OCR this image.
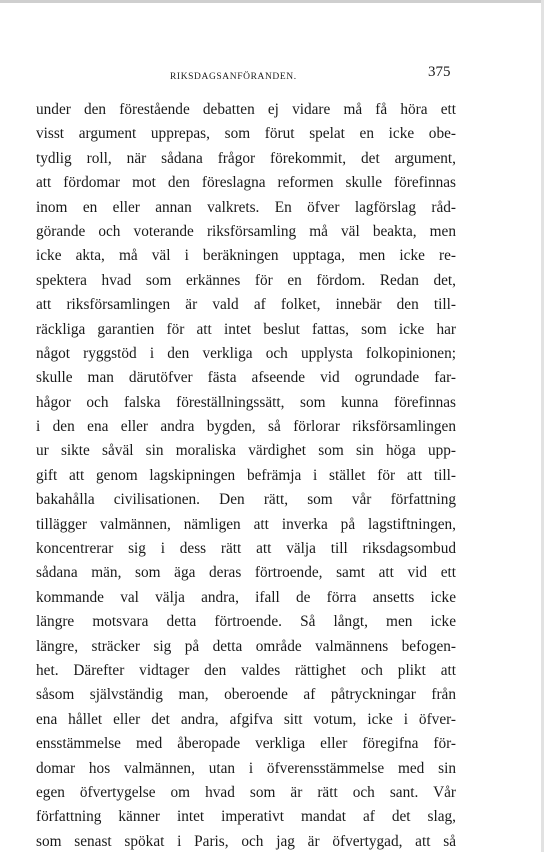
RIKSDAGSANFÖRANDEN.	375
under den förestående debatten ej vidare må få höra ett
visst argument upprepas, som förut spelat en icke obe-
tydlig roll, när sådana frågor förekommit, det argument,
att fördomar mot den föreslagna reformen skulle förefinnas
inom en eller annan valkrets. En öfver lagförslag råd-
görande och voterande riksförsamling må väl beakta, men
icke akta, må väl i beräkningen upptaga, men icke re-
spektera hvad som erkännes för en fördom. Redan det,
att riksförsamlingen är vald af folket, innebär den till-
räckliga garantien för att intet beslut fattas, som icke har
något ryggstöd i den verkliga och upplysta folkopinionen;
skulle man därutöfver fästa afseende vid ogrundade far-
hågor och falska föreställningssätt, som kunna förefinnas
i den ena eller andra bygden, så förlorar riksförsamlingen
ur sikte såväl sin moraliska värdighet som sin höga upp-
gift att genom lagskipningen befrämja i stället för att till-
bakahålla civilisationen. Den rätt, som vår författning
tillägger valmännen, nämligen att inverka på lagstiftningen,
koncentrerar sig i dess rätt att välja till riksdagsombud
sådana män, som äga deras förtroende, samt att vid ett
kommande val välja andra, ifall de förra ansetts icke
längre motsvara detta förtroende. Så långt, men icke
längre, sträcker sig på detta område valmännens befogen-
het. Därefter vidtager den valdes rättighet och plikt att
såsom självständig man, oberoende af påtryckningar från
ena hållet eller det andra, afgifva sitt votum, icke i öfver-
ensstämmelse med åberopade verkliga eller föregifna för-
domar hos valmännen, utan i öfverensstämmelse med sin
egen öfvertygelse om hvad som är rätt och sant. Vår
författning känner intet imperativt mandat af det slag,
som senast spökat i Paris, och jag är öfvertygad, att så
